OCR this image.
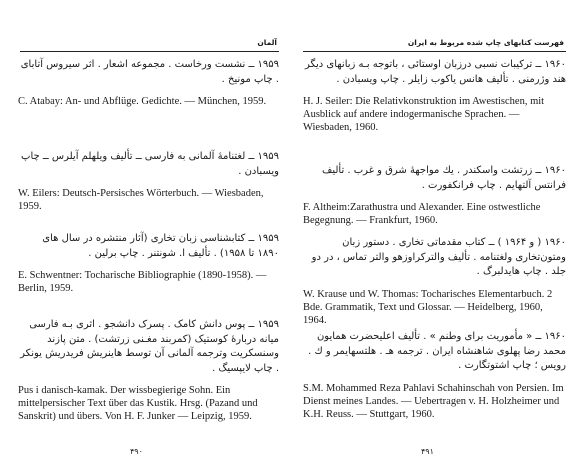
آلمان
۱۹۵۹ ــ نشست ورخاست . مجموعه اشعار . اثر سیروس آتابای . چاپ مونیخ .
C. Atabay: An- und Abflüge. Gedichte. — München, 1959.
۱۹۵۹ ــ لغتنامهٔ آلمانی به فارسی ــ تألیف ویلهلم آیلرس ــ چاپ ویسبادن .
W. Eilers: Deutsch-Persisches Wörterbuch. — Wiesbaden, 1959.
۱۹۵۹ ــ کتابشناسی زبان تخاری (آثار منتشره در سال های ۱۸۹۰ تا ۱۹۵۸) . تألیف ا. شونتنر . چاپ برلین .
E. Schwentner: Tocharische Bibliographie (1890-1958). — Berlin, 1959.
۱۹۵۹ ــ پوس دانش کامک . پسرک دانشجو . اثری بـه فارسی میانه دربارهٔ کوستیک (کمربند مغـنی زرتشت) . متن پازند وسنسکریت وترجمه آلمانی آن توسط هاینریش فریدریش یونکر . چاپ لایپسیگ .
Pus i danisch-kamak. Der wissbegierige Sohn. Ein mittelpersischer Text über das Kustik. Hrsg. (Pazand und Sanskrit) und übers. Von H. F. Junker — Leipzig, 1959.
۴۹۰
فهرست کتابهای چاپ شده مربوط به ایران
۱۹۶۰ ــ ترکیبات نسبی درزبان اوستائی ، باتوجه بـه زبانهای دیگر هند وژرمنی . تألیف هانس یاکوب زایلر . چاپ ویسبادن .
H. J. Seiler: Die Relativkonstruktion im Awestischen, mit Ausblick auf andere indogermanische Sprachen. — Wiesbaden, 1960.
۱۹۶۰ ــ زرتشت واسکندر . یك مواجههٔ شرق و غرب . تألیف فرانتس آلتهایم . چاپ فرانکفورت .
F. Altheim:Zarathustra und Alexander. Eine ostwestliche Begegnung. — Frankfurt, 1960.
۱۹۶۰ ( و ۱۹۶۴ ) ــ کتاب مقدماتی تخاری . دستور زبان ومتون‌تخاری ولغتنامه . تألیف والترکراوزهو والتر تماس ، در دو جلد . چاپ هایدلبرگ .
W. Krause und W. Thomas: Tocharisches Elementarbuch. 2 Bde. Grammatik, Text und Glossar. — Heidelberg, 1960, 1964.
۱۹۶۰ ــ « مأموریت برای وطنم » . تألیف اعلیحضرت همایون محمد رضا پهلوی شاهنشاه ایران . ترجمه هـ . هلتسهایمر و ك . رویس ؛ چاپ اشتوتگارت .
S.M. Mohammed Reza Pahlavi Schahinschah von Persien. Im Dienst meines Landes. — Uebertragen v. H. Holzheimer und K.H. Reuss. — Stuttgart, 1960.
۴۹۱
